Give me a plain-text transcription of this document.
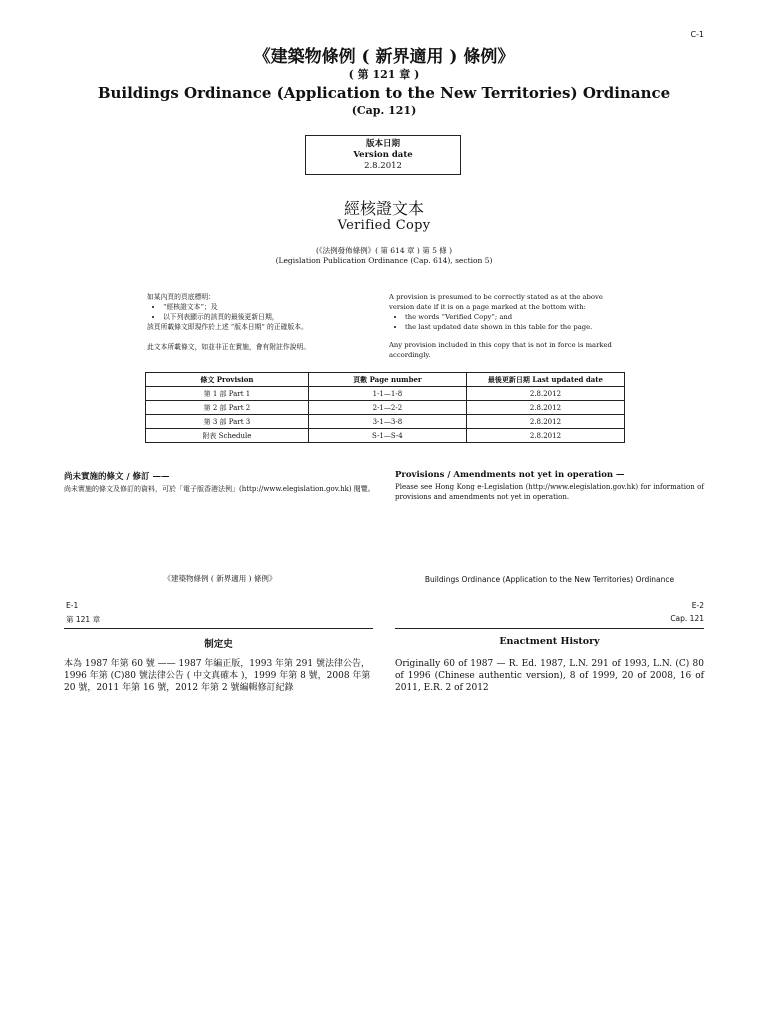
C-1
《建築物條例 ( 新界適用 ) 條例》
( 第 121 章 )
Buildings Ordinance (Application to the New Territories) Ordinance
(Cap. 121)
版本日期
Version date
2.8.2012
經核證文本
Verified Copy
(《法例發佈條例》( 第 614 章 ) 第 5 條 )
(Legislation Publication Ordinance (Cap. 614), section 5)

如某內頁的頁底標明：

• “經核證文本”；及
• 以下列表顯示的該頁的最後更新日期，

該頁所載條文即現作於上述 “版本日期” 的正確版本。

此文本所載條文，如並非正在實施，會有附註作說明。

A provision is presumed to be correctly stated as at the above version date if it is on a page marked at the bottom with:

• the words “Verified Copy”; and
• the last updated date shown in this table for the page.

Any provision included in this copy that is not in force is marked accordingly.

條文 Provision	頁數 Page number	最後更新日期 Last updated date
第 1 部 Part 1	1-1—1-8	2.8.2012
第 2 部 Part 2	2-1—2-2	2.8.2012
第 3 部 Part 3	3-1—3-8	2.8.2012
附表 Schedule	S-1—S-4	2.8.2012
尚未實施的條文 / 修訂 ——
尚未實施的條文及修訂的資料，可於「電子版香港法例」(http://www.elegislation.gov.hk) 閱覽。
Provisions / Amendments not yet in operation —
Please see Hong Kong e-Legislation (http://www.elegislation.gov.hk) for information of provisions and amendments not yet in operation.
《建築物條例 ( 新界適用 ) 條例》	Buildings Ordinance (Application to the New Territories) Ordinance
E-1
第 121 章
E-2
Cap. 121
制定史
本為 1987 年第 60 號 —— 1987 年編正版，1993 年第 291 號法律公告，1996 年第 (C)80 號法律公告 ( 中文真確本 )，1999 年第 8 號，2008 年第 20 號，2011 年第 16 號，2012 年第 2 號編輯修訂紀錄
Enactment History
Originally 60 of 1987 — R. Ed. 1987, L.N. 291 of 1993, L.N. (C) 80 of 1996 (Chinese authentic version), 8 of 1999, 20 of 2008, 16 of 2011, E.R. 2 of 2012
